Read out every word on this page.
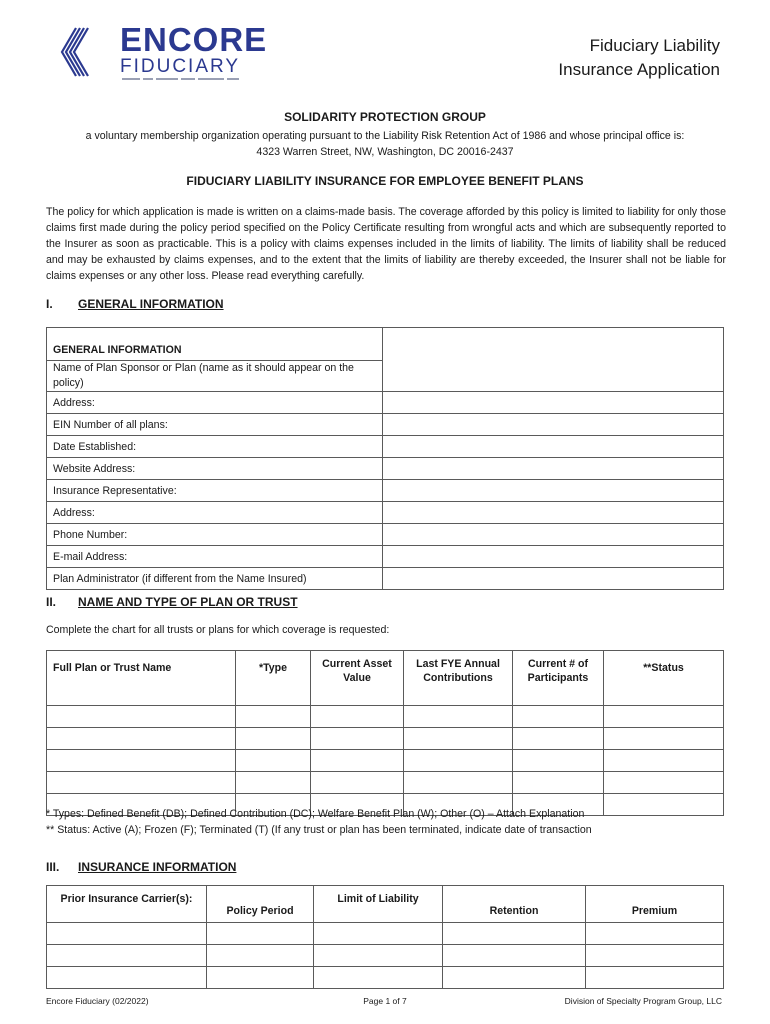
ENCORE
FIDUCIARY
Fiduciary Liability
Insurance Application
SOLIDARITY PROTECTION GROUP
a voluntary membership organization operating pursuant to the Liability Risk Retention Act of 1986 and whose principal office is:
4323 Warren Street, NW, Washington, DC 20016-2437
FIDUCIARY LIABILITY INSURANCE FOR EMPLOYEE BENEFIT PLANS
The policy for which application is made is written on a claims-made basis. The coverage afforded by this policy is limited to liability for only those claims first made during the policy period specified on the Policy Certificate resulting from wrongful acts and which are subsequently reported to the Insurer as soon as practicable. This is a policy with claims expenses included in the limits of liability. The limits of liability shall be reduced and may be exhausted by claims expenses, and to the extent that the limits of liability are thereby exceeded, the Insurer shall not be liable for claims expenses or any other loss. Please read everything carefully.
I. GENERAL INFORMATION
GENERAL INFORMATION	

Name of Plan Sponsor or Plan (name as it should appear on the policy)	
Address:	
EIN Number of all plans:	
Date Established:	
Website Address:	
Insurance Representative:	
Address:	
Phone Number:	
E-mail Address:	
Plan Administrator (if different from the Name Insured)	
II. NAME AND TYPE OF PLAN OR TRUST
Complete the chart for all trusts or plans for which coverage is requested:
Full Plan or Trust Name	*Type	Current Asset Value	Last FYE Annual Contributions	Current # of Participants	**Status

* Types: Defined Benefit (DB); Defined Contribution (DC); Welfare Benefit Plan (W); Other (O) – Attach Explanation
** Status: Active (A); Frozen (F); Terminated (T) (If any trust or plan has been terminated, indicate date of transaction
III. INSURANCE INFORMATION
Prior Insurance Carrier(s):	Policy Period	Limit of Liability	Retention	Premium

Encore Fiduciary (02/2022)	Page 1 of 7	Division of Specialty Program Group, LLC
